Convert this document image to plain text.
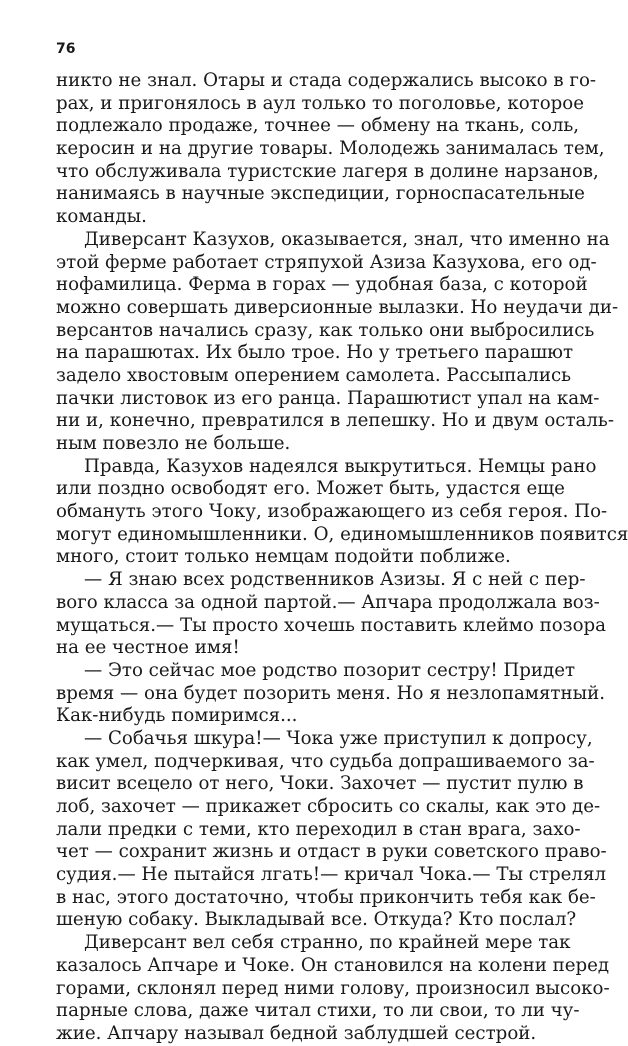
76
никто не знал. Отары и стада содержались высоко в го-
рах, и пригонялось в аул только то поголовье, которое
подлежало продаже, точнее — обмену на ткань, соль,
керосин и на другие товары. Молодежь занималась тем,
что обслуживала туристские лагеря в долине нарзанов,
нанимаясь в научные экспедиции, горноспасательные
команды.
Диверсант Казухов, оказывается, знал, что именно на
этой ферме работает стряпухой Азиза Казухова, его од-
нофамилица. Ферма в горах — удобная база, с которой
можно совершать диверсионные вылазки. Но неудачи ди-
версантов начались сразу, как только они выбросились
на парашютах. Их было трое. Но у третьего парашют
задело хвостовым оперением самолета. Рассыпались
пачки листовок из его ранца. Парашютист упал на кам-
ни и, конечно, превратился в лепешку. Но и двум осталь-
ным повезло не больше.
Правда, Казухов надеялся выкрутиться. Немцы рано
или поздно освободят его. Может быть, удастся еще
обмануть этого Чоку, изображающего из себя героя. По-
могут единомышленники. О, единомышленников появится
много, стоит только немцам подойти поближе.
— Я знаю всех родственников Азизы. Я с ней с пер-
вого класса за одной партой.— Апчара продолжала воз-
мущаться.— Ты просто хочешь поставить клеймо позора
на ее честное имя!
— Это сейчас мое родство позорит сестру! Придет
время — она будет позорить меня. Но я незлопамятный.
Как-нибудь помиримся...
— Собачья шкура!— Чока уже приступил к допросу,
как умел, подчеркивая, что судьба допрашиваемого за-
висит всецело от него, Чоки. Захочет — пустит пулю в
лоб, захочет — прикажет сбросить со скалы, как это де-
лали предки с теми, кто переходил в стан врага, захо-
чет — сохранит жизнь и отдаст в руки советского право-
судия.— Не пытайся лгать!— кричал Чока.— Ты стрелял
в нас, этого достаточно, чтобы прикончить тебя как бе-
шеную собаку. Выкладывай все. Откуда? Кто послал?
Диверсант вел себя странно, по крайней мере так
казалось Апчаре и Чоке. Он становился на колени перед
горами, склонял перед ними голову, произносил высоко-
парные слова, даже читал стихи, то ли свои, то ли чу-
жие. Апчару называл бедной заблудшей сестрой.
